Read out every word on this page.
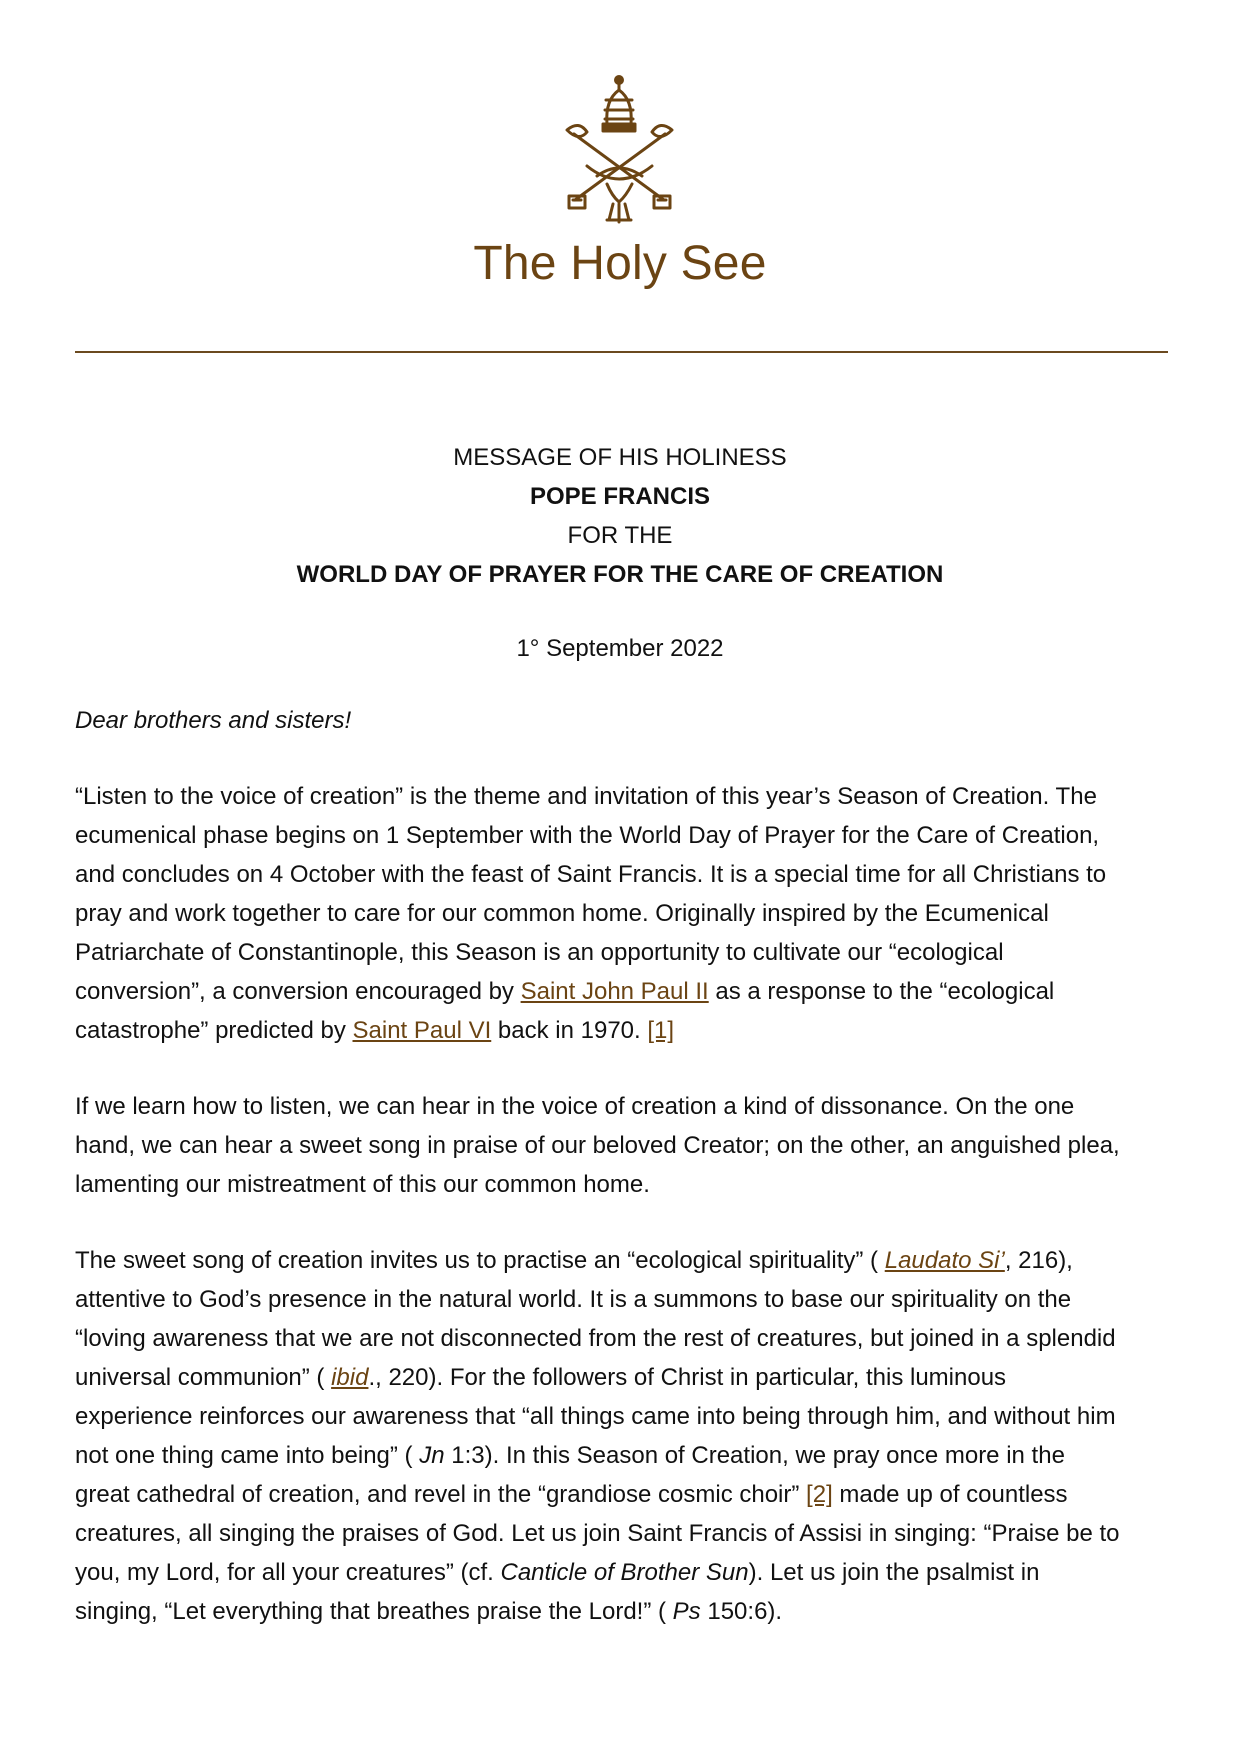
The Holy See
MESSAGE OF HIS HOLINESS
POPE FRANCIS
FOR THE
WORLD DAY OF PRAYER FOR THE CARE OF CREATION
1° September 2022

Dear brothers and sisters!

“Listen to the voice of creation” is the theme and invitation of this year’s Season of Creation. The
ecumenical phase begins on 1 September with the World Day of Prayer for the Care of Creation,
and concludes on 4 October with the feast of Saint Francis. It is a special time for all Christians to
pray and work together to care for our common home. Originally inspired by the Ecumenical
Patriarchate of Constantinople, this Season is an opportunity to cultivate our “ecological
conversion”, a conversion encouraged by Saint John Paul II as a response to the “ecological
catastrophe” predicted by Saint Paul VI back in 1970. [1]

If we learn how to listen, we can hear in the voice of creation a kind of dissonance. On the one
hand, we can hear a sweet song in praise of our beloved Creator; on the other, an anguished plea,
lamenting our mistreatment of this our common home.

The sweet song of creation invites us to practise an “ecological spirituality” ( Laudato Si’, 216),
attentive to God’s presence in the natural world. It is a summons to base our spirituality on the
“loving awareness that we are not disconnected from the rest of creatures, but joined in a splendid
universal communion” ( ibid., 220). For the followers of Christ in particular, this luminous
experience reinforces our awareness that “all things came into being through him, and without him
not one thing came into being” ( Jn 1:3). In this Season of Creation, we pray once more in the
great cathedral of creation, and revel in the “grandiose cosmic choir” [2] made up of countless
creatures, all singing the praises of God. Let us join Saint Francis of Assisi in singing: “Praise be to
you, my Lord, for all your creatures” (cf. Canticle of Brother Sun). Let us join the psalmist in
singing, “Let everything that breathes praise the Lord!” ( Ps 150:6).
